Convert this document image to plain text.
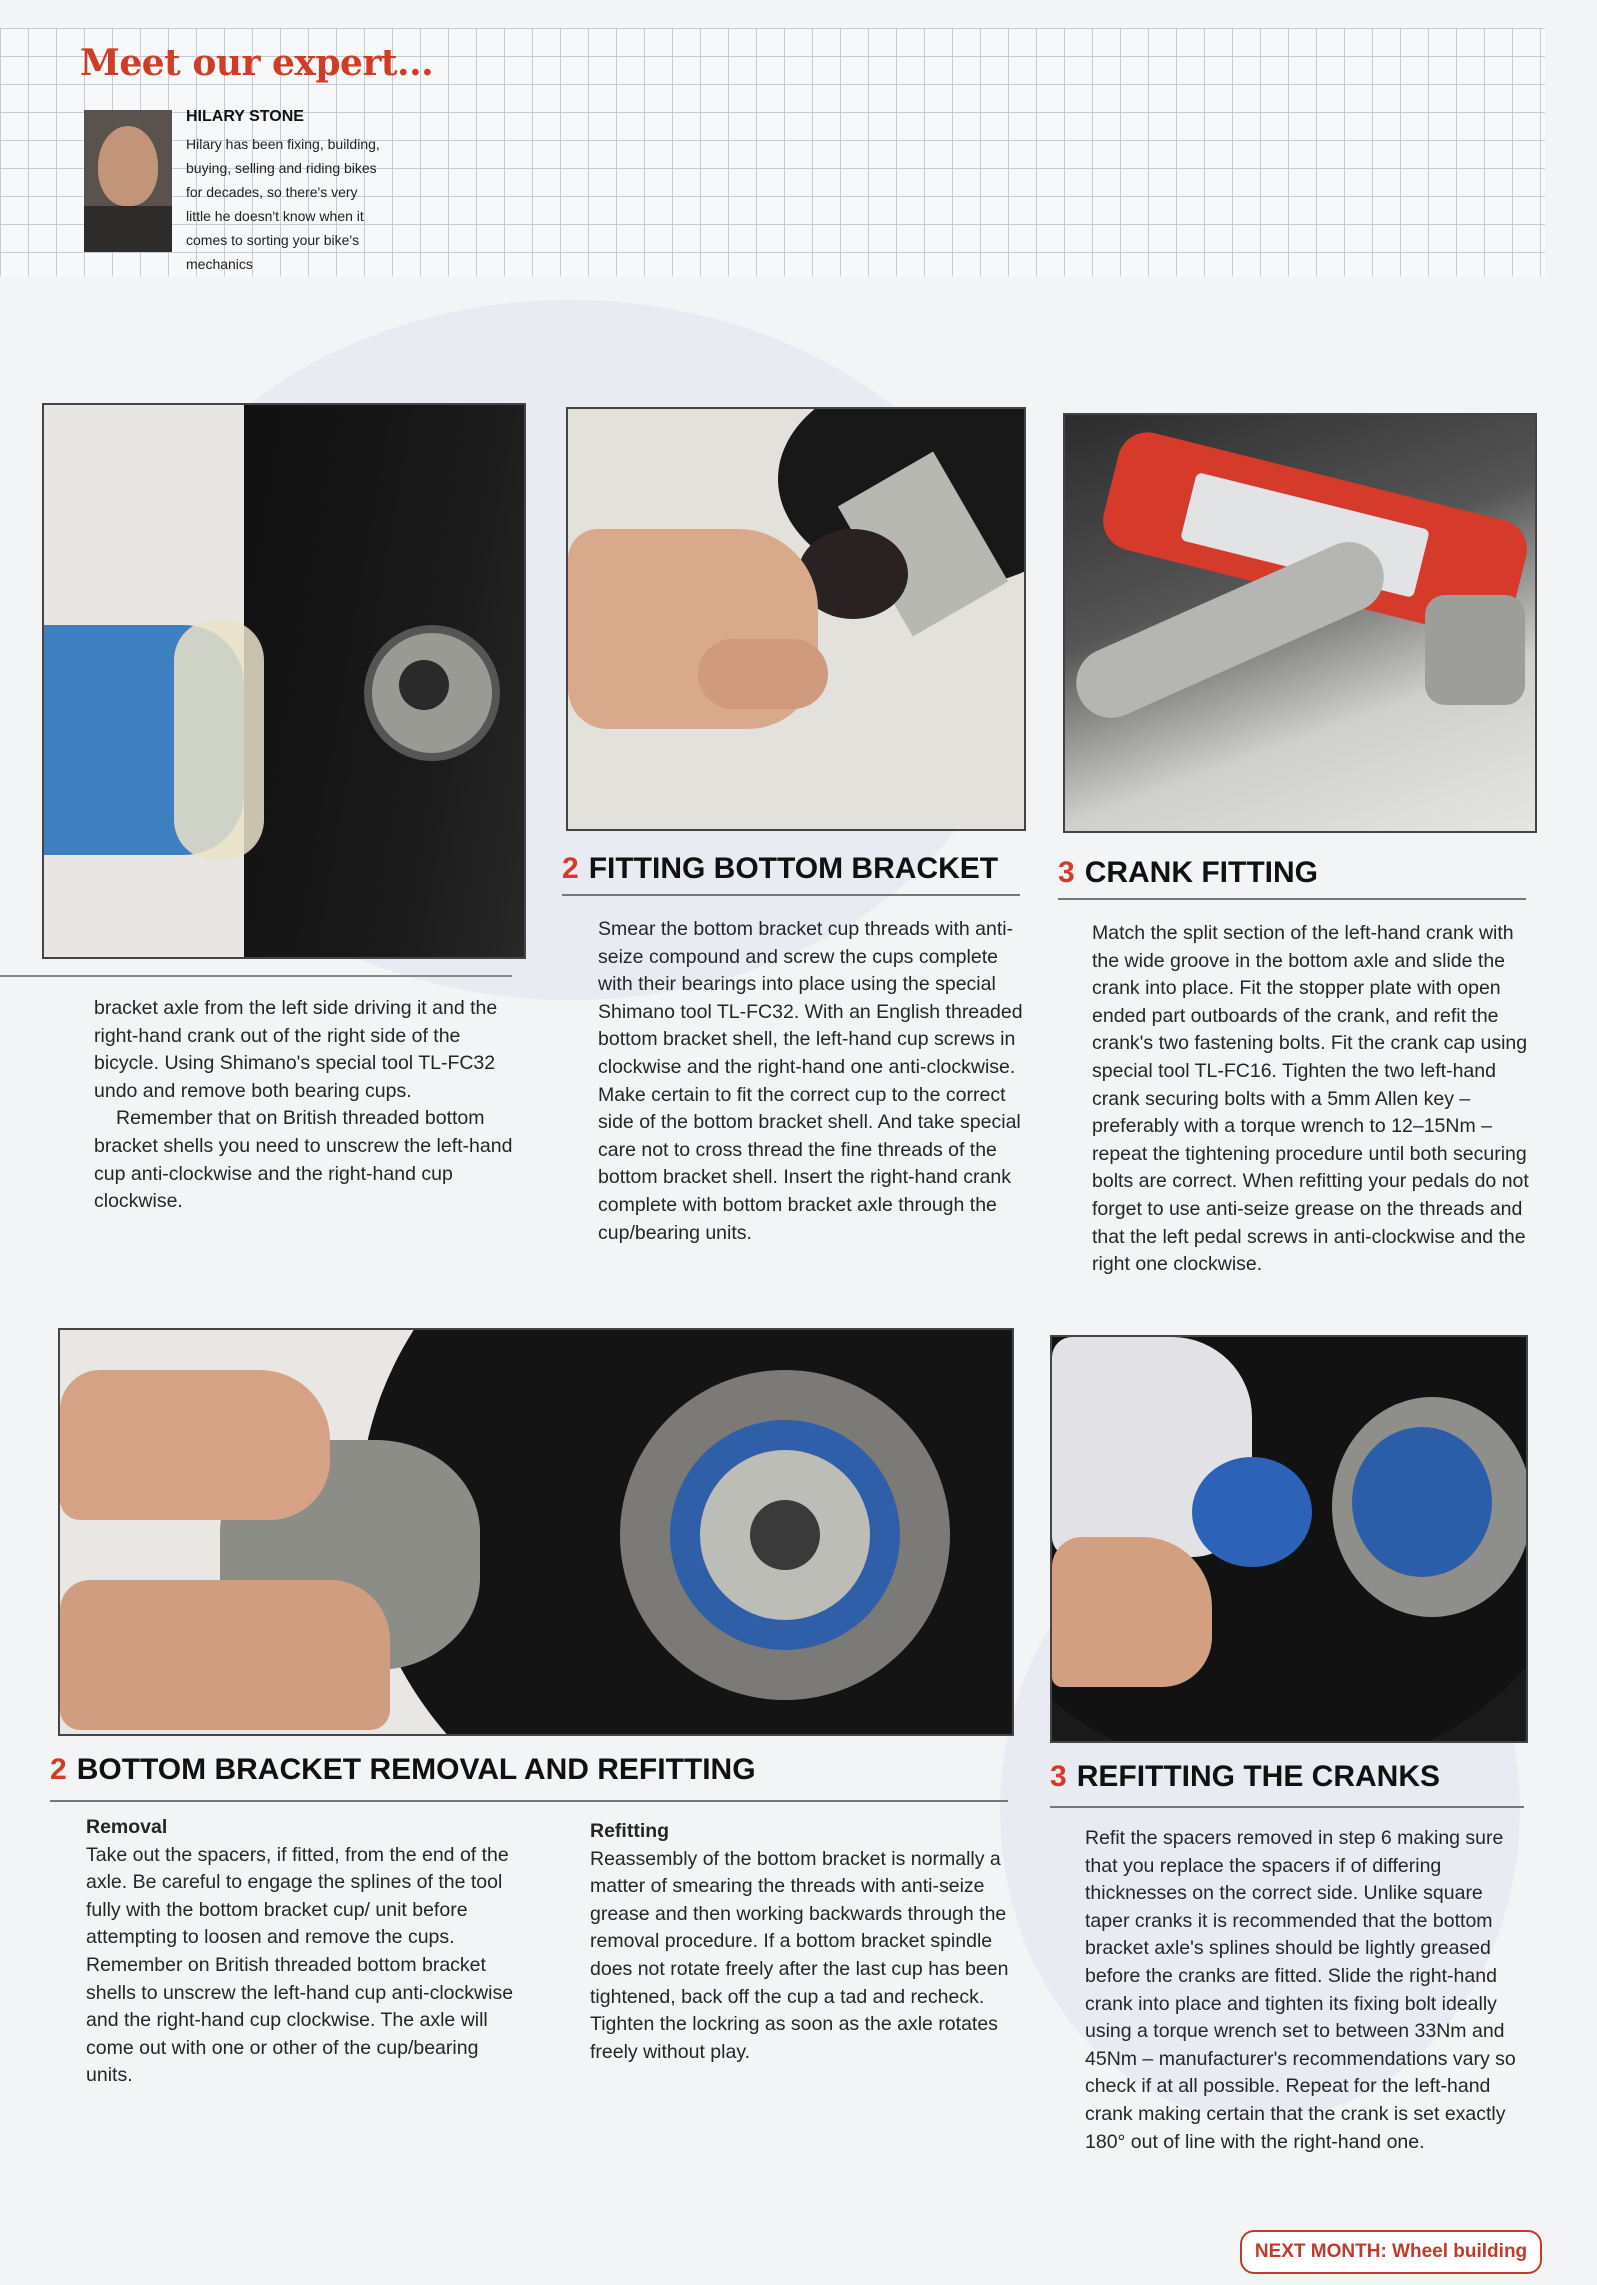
Meet our expert...
HILARY STONE
Hilary has been fixing, building, buying, selling and riding bikes for decades, so there's very little he doesn't know when it comes to sorting your bike's mechanics

bracket axle from the left side driving it and the right-hand crank out of the right side of the bicycle. Using Shimano's special tool TL-FC32 undo and remove both bearing cups.

Remember that on British threaded bottom bracket shells you need to unscrew the left-hand cup anti-clockwise and the right-hand cup clockwise.

2 FITTING BOTTOM BRACKET
Smear the bottom bracket cup threads with anti-seize compound and screw the cups complete with their bearings into place using the special Shimano tool TL-FC32. With an English threaded bottom bracket shell, the left-hand cup screws in clockwise and the right-hand one anti-clockwise. Make certain to fit the correct cup to the correct side of the bottom bracket shell. And take special care not to cross thread the fine threads of the bottom bracket shell. Insert the right-hand crank complete with bottom bracket axle through the cup/bearing units.
3 CRANK FITTING
Match the split section of the left-hand crank with the wide groove in the bottom axle and slide the crank into place. Fit the stopper plate with open ended part outboards of the crank, and refit the crank's two fastening bolts. Fit the crank cap using special tool TL-FC16. Tighten the two left-hand crank securing bolts with a 5mm Allen key – preferably with a torque wrench to 12–15Nm – repeat the tightening procedure until both securing bolts are correct. When refitting your pedals do not forget to use anti-seize grease on the threads and that the left pedal screws in anti-clockwise and the right one clockwise.
2 BOTTOM BRACKET REMOVAL AND REFITTING
Removal
Take out the spacers, if fitted, from the end of the axle. Be careful to engage the splines of the tool fully with the bottom bracket cup/ unit before attempting to loosen and remove the cups. Remember on British threaded bottom bracket shells to unscrew the left-hand cup anti-clockwise and the right-hand cup clockwise. The axle will come out with one or other of the cup/bearing units.
Refitting
Reassembly of the bottom bracket is normally a matter of smearing the threads with anti-seize grease and then working backwards through the removal procedure. If a bottom bracket spindle does not rotate freely after the last cup has been tightened, back off the cup a tad and recheck. Tighten the lockring as soon as the axle rotates freely without play.
3 REFITTING THE CRANKS
Refit the spacers removed in step 6 making sure that you replace the spacers if of differing thicknesses on the correct side. Unlike square taper cranks it is recommended that the bottom bracket axle's splines should be lightly greased before the cranks are fitted. Slide the right-hand crank into place and tighten its fixing bolt ideally using a torque wrench set to between 33Nm and 45Nm – manufacturer's recommendations vary so check if at all possible. Repeat for the left-hand crank making certain that the crank is set exactly 180° out of line with the right-hand one.
NEXT MONTH: Wheel building
